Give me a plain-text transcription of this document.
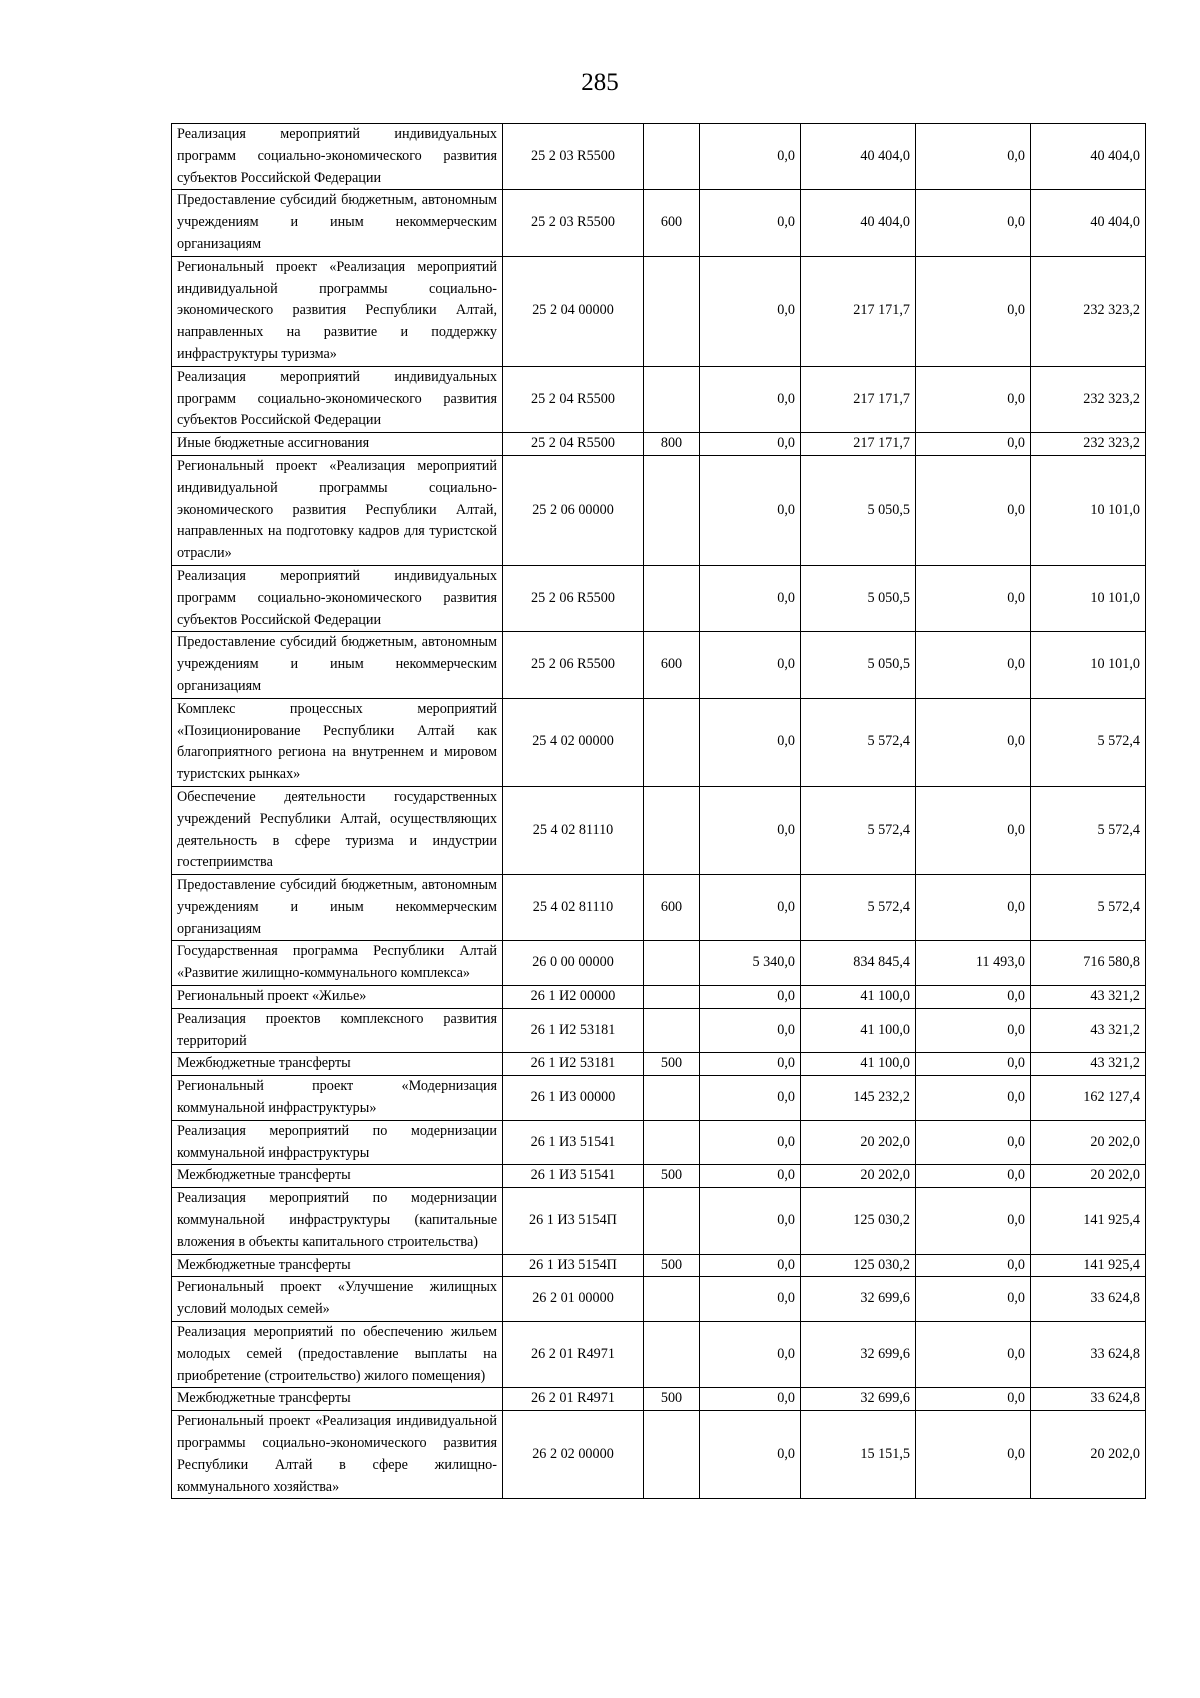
285
Реализация мероприятий индивидуальных программ социально-экономического развития субъектов Российской Федерации	25 2 03 R5500		0,0	40 404,0	0,0	40 404,0
Предоставление субсидий бюджетным, автономным учреждениям и иным некоммерческим организациям	25 2 03 R5500	600	0,0	40 404,0	0,0	40 404,0
Региональный проект «Реализация мероприятий индивидуальной программы социально-экономического развития Республики Алтай, направленных на развитие и поддержку инфраструктуры туризма»	25 2 04 00000		0,0	217 171,7	0,0	232 323,2
Реализация мероприятий индивидуальных программ социально-экономического развития субъектов Российской Федерации	25 2 04 R5500		0,0	217 171,7	0,0	232 323,2
Иные бюджетные ассигнования	25 2 04 R5500	800	0,0	217 171,7	0,0	232 323,2
Региональный проект «Реализация мероприятий индивидуальной программы социально-экономического развития Республики Алтай, направленных на подготовку кадров для туристской отрасли»	25 2 06 00000		0,0	5 050,5	0,0	10 101,0
Реализация мероприятий индивидуальных программ социально-экономического развития субъектов Российской Федерации	25 2 06 R5500		0,0	5 050,5	0,0	10 101,0
Предоставление субсидий бюджетным, автономным учреждениям и иным некоммерческим организациям	25 2 06 R5500	600	0,0	5 050,5	0,0	10 101,0
Комплекс процессных мероприятий «Позиционирование Республики Алтай как благоприятного региона на внутреннем и мировом туристских рынках»	25 4 02 00000		0,0	5 572,4	0,0	5 572,4
Обеспечение деятельности государственных учреждений Республики Алтай, осуществляющих деятельность в сфере туризма и индустрии гостеприимства	25 4 02 81110		0,0	5 572,4	0,0	5 572,4
Предоставление субсидий бюджетным, автономным учреждениям и иным некоммерческим организациям	25 4 02 81110	600	0,0	5 572,4	0,0	5 572,4
Государственная программа Республики Алтай «Развитие жилищно-коммунального комплекса»	26 0 00 00000		5 340,0	834 845,4	11 493,0	716 580,8
Региональный проект «Жилье»	26 1 И2 00000		0,0	41 100,0	0,0	43 321,2
Реализация проектов комплексного развития территорий	26 1 И2 53181		0,0	41 100,0	0,0	43 321,2
Межбюджетные трансферты	26 1 И2 53181	500	0,0	41 100,0	0,0	43 321,2
Региональный проект «Модернизация коммунальной инфраструктуры»	26 1 И3 00000		0,0	145 232,2	0,0	162 127,4
Реализация мероприятий по модернизации коммунальной инфраструктуры	26 1 И3 51541		0,0	20 202,0	0,0	20 202,0
Межбюджетные трансферты	26 1 И3 51541	500	0,0	20 202,0	0,0	20 202,0
Реализация мероприятий по модернизации коммунальной инфраструктуры (капитальные вложения в объекты капитального строительства)	26 1 И3 5154П		0,0	125 030,2	0,0	141 925,4
Межбюджетные трансферты	26 1 И3 5154П	500	0,0	125 030,2	0,0	141 925,4
Региональный проект «Улучшение жилищных условий молодых семей»	26 2 01 00000		0,0	32 699,6	0,0	33 624,8
Реализация мероприятий по обеспечению жильем молодых семей (предоставление выплаты на приобретение (строительство) жилого помещения)	26 2 01 R4971		0,0	32 699,6	0,0	33 624,8
Межбюджетные трансферты	26 2 01 R4971	500	0,0	32 699,6	0,0	33 624,8
Региональный проект «Реализация индивидуальной программы социально-экономического развития Республики Алтай в сфере жилищно-коммунального хозяйства»	26 2 02 00000		0,0	15 151,5	0,0	20 202,0
